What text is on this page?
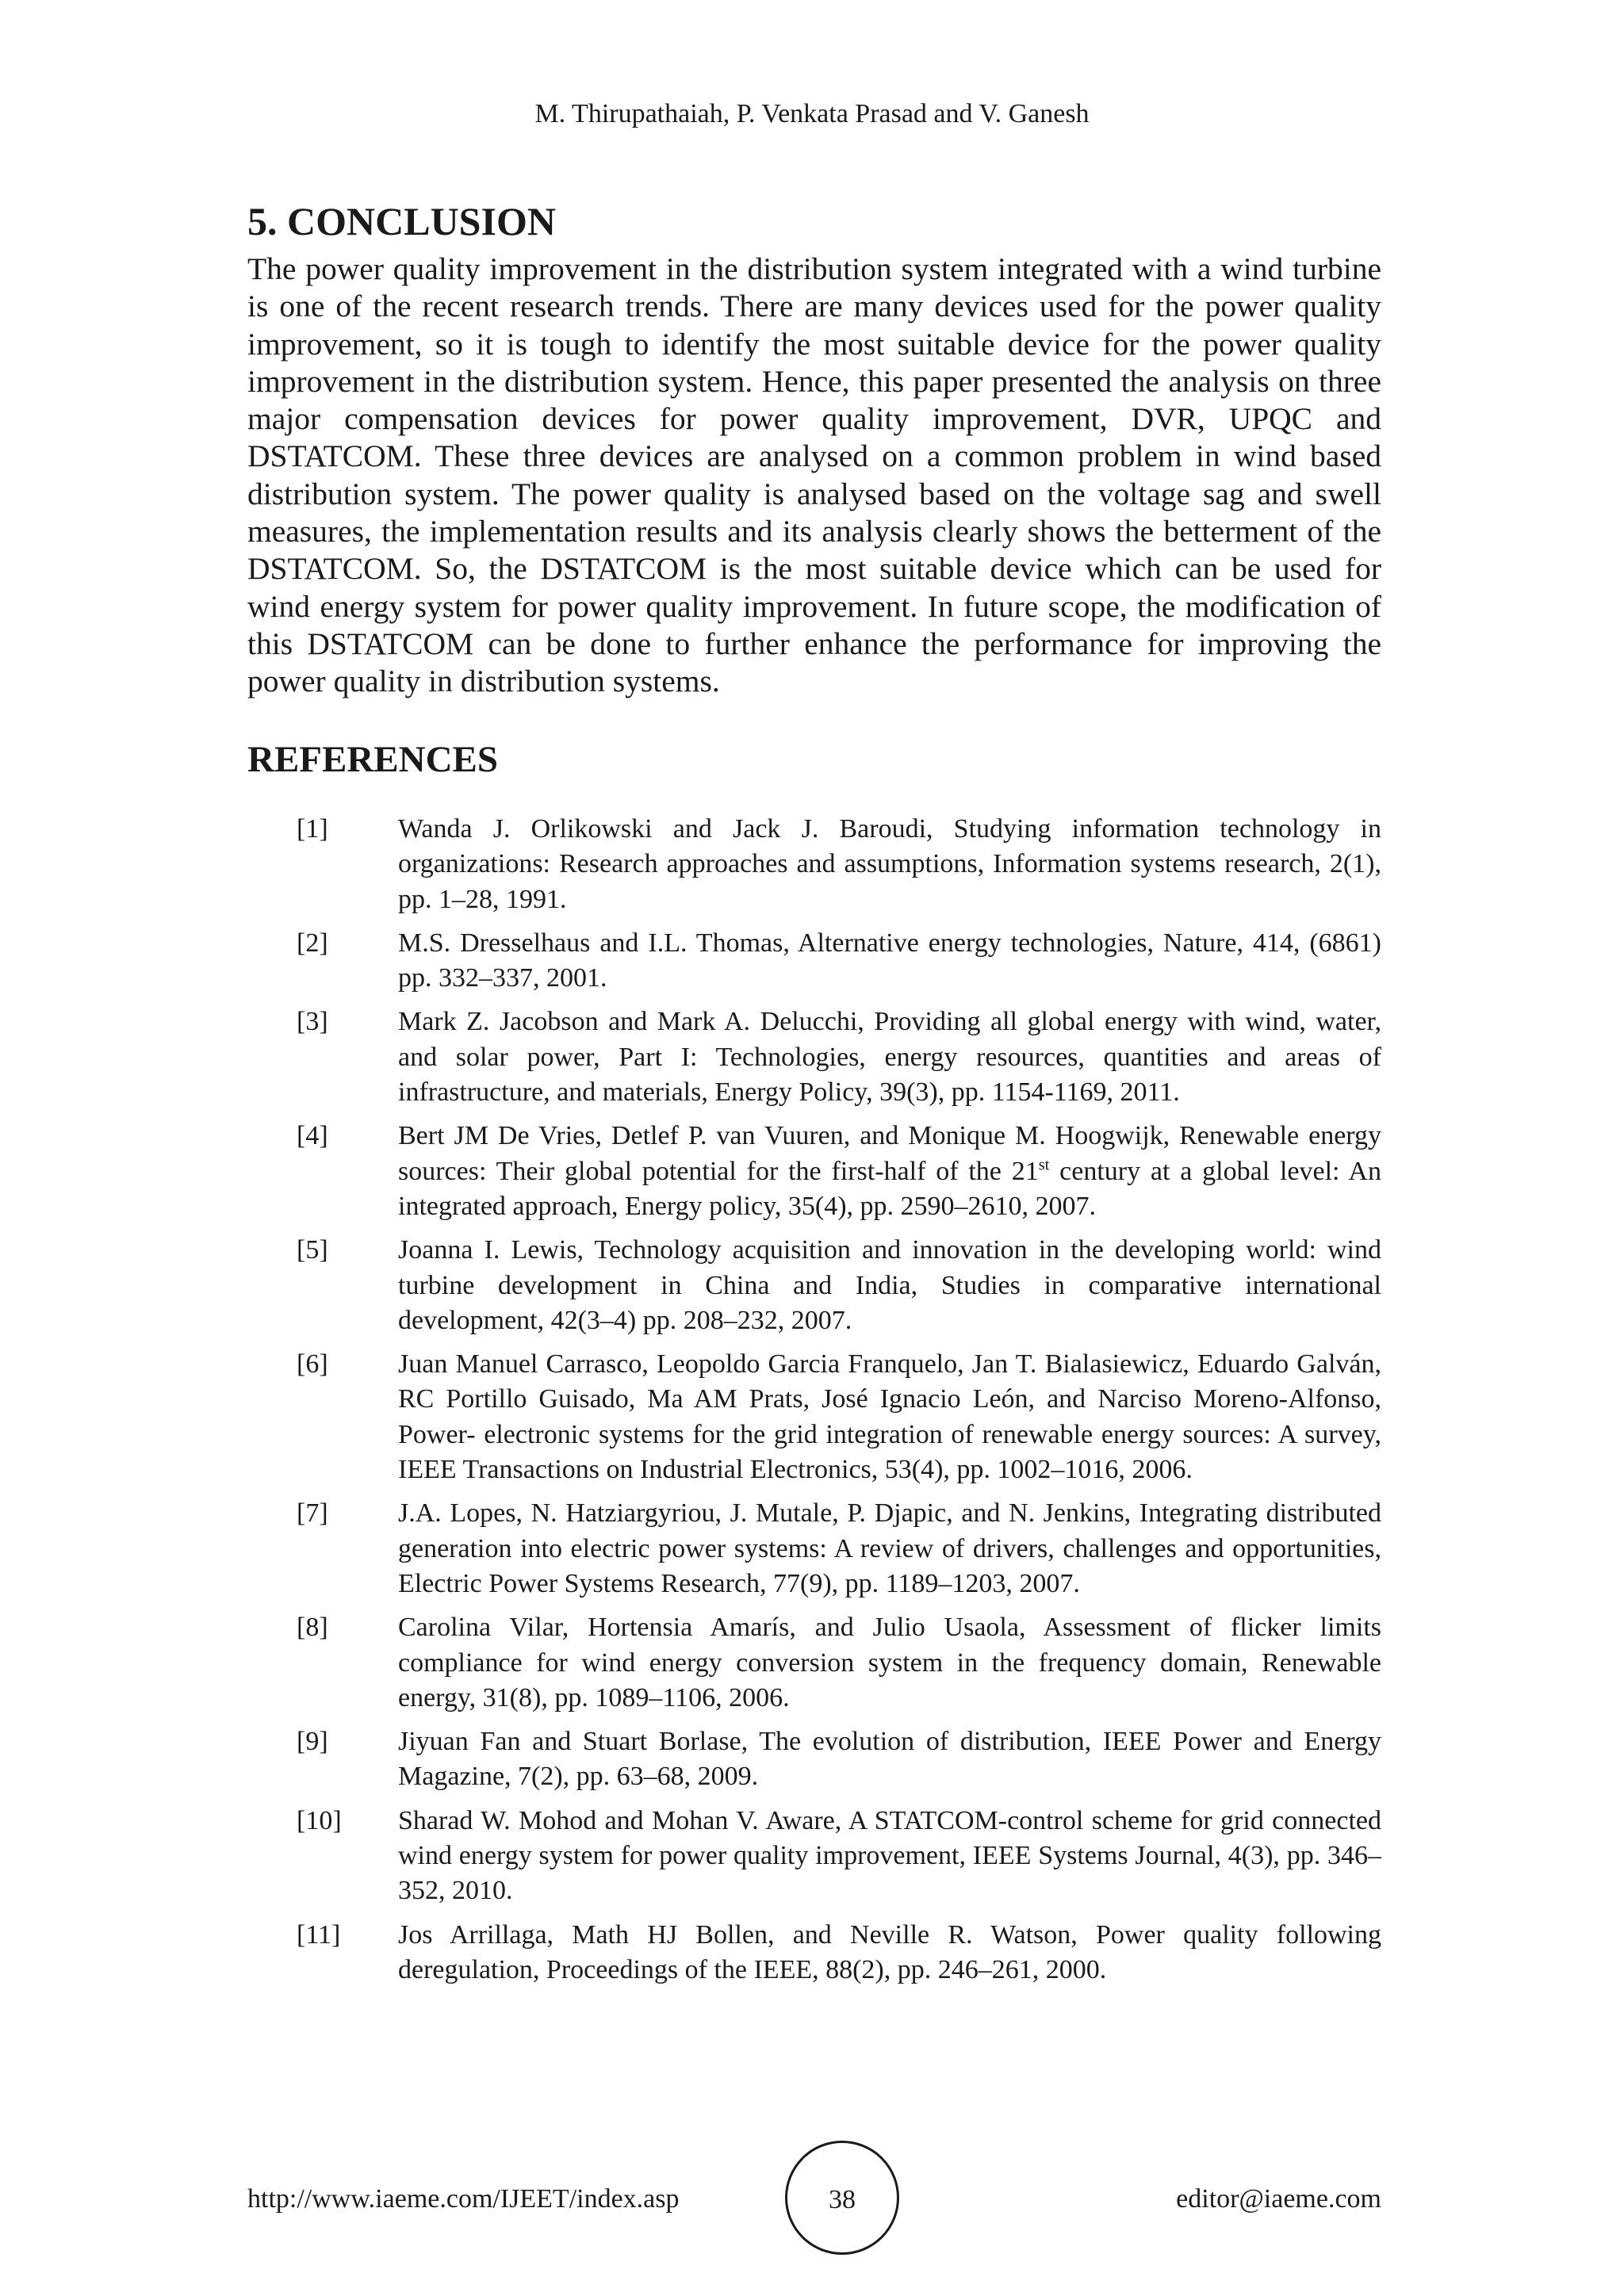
M. Thirupathaiah, P. Venkata Prasad and V. Ganesh
5. CONCLUSION

The power quality improvement in the distribution system integrated with a wind turbine is one of the recent research trends. There are many devices used for the power quality improvement, so it is tough to identify the most suitable device for the power quality improvement in the distribution system. Hence, this paper presented the analysis on three major compensation devices for power quality improvement, DVR, UPQC and DSTATCOM. These three devices are analysed on a common problem in wind based distribution system. The power quality is analysed based on the voltage sag and swell measures, the implementation results and its analysis clearly shows the betterment of the DSTATCOM. So, the DSTATCOM is the most suitable device which can be used for wind energy system for power quality improvement. In future scope, the modification of this DSTATCOM can be done to further enhance the performance for improving the power quality in distribution systems.

REFERENCES
[1]	Wanda J. Orlikowski and Jack J. Baroudi, Studying information technology in organizations: Research approaches and assumptions, Information systems research, 2(1), pp. 1–28, 1991.
[2]	M.S. Dresselhaus and I.L. Thomas, Alternative energy technologies, Nature, 414, (6861) pp. 332–337, 2001.
[3]	Mark Z. Jacobson and Mark A. Delucchi, Providing all global energy with wind, water, and solar power, Part I: Technologies, energy resources, quantities and areas of infrastructure, and materials, Energy Policy, 39(3), pp. 1154-1169, 2011.
[4]	Bert JM De Vries, Detlef P. van Vuuren, and Monique M. Hoogwijk, Renewable energy sources: Their global potential for the first-half of the 21st century at a global level: An integrated approach, Energy policy, 35(4), pp. 2590–2610, 2007.
[5]	Joanna I. Lewis, Technology acquisition and innovation in the developing world: wind turbine development in China and India, Studies in comparative international development, 42(3–4) pp. 208–232, 2007.
[6]	Juan Manuel Carrasco, Leopoldo Garcia Franquelo, Jan T. Bialasiewicz, Eduardo Galván, RC Portillo Guisado, Ma AM Prats, José Ignacio León, and Narciso Moreno-Alfonso, Power- electronic systems for the grid integration of renewable energy sources: A survey, IEEE Transactions on Industrial Electronics, 53(4), pp. 1002–1016, 2006.
[7]	J.A. Lopes, N. Hatziargyriou, J. Mutale, P. Djapic, and N. Jenkins, Integrating distributed generation into electric power systems: A review of drivers, challenges and opportunities, Electric Power Systems Research, 77(9), pp. 1189–1203, 2007.
[8]	Carolina Vilar, Hortensia Amarís, and Julio Usaola, Assessment of flicker limits compliance for wind energy conversion system in the frequency domain, Renewable energy, 31(8), pp. 1089–1106, 2006.
[9]	Jiyuan Fan and Stuart Borlase, The evolution of distribution, IEEE Power and Energy Magazine, 7(2), pp. 63–68, 2009.
[10]	Sharad W. Mohod and Mohan V. Aware, A STATCOM-control scheme for grid connected wind energy system for power quality improvement, IEEE Systems Journal, 4(3), pp. 346–352, 2010.
[11]	Jos Arrillaga, Math HJ Bollen, and Neville R. Watson, Power quality following deregulation, Proceedings of the IEEE, 88(2), pp. 246–261, 2000.
http://www.iaeme.com/IJEET/index.asp	38	editor@iaeme.com
